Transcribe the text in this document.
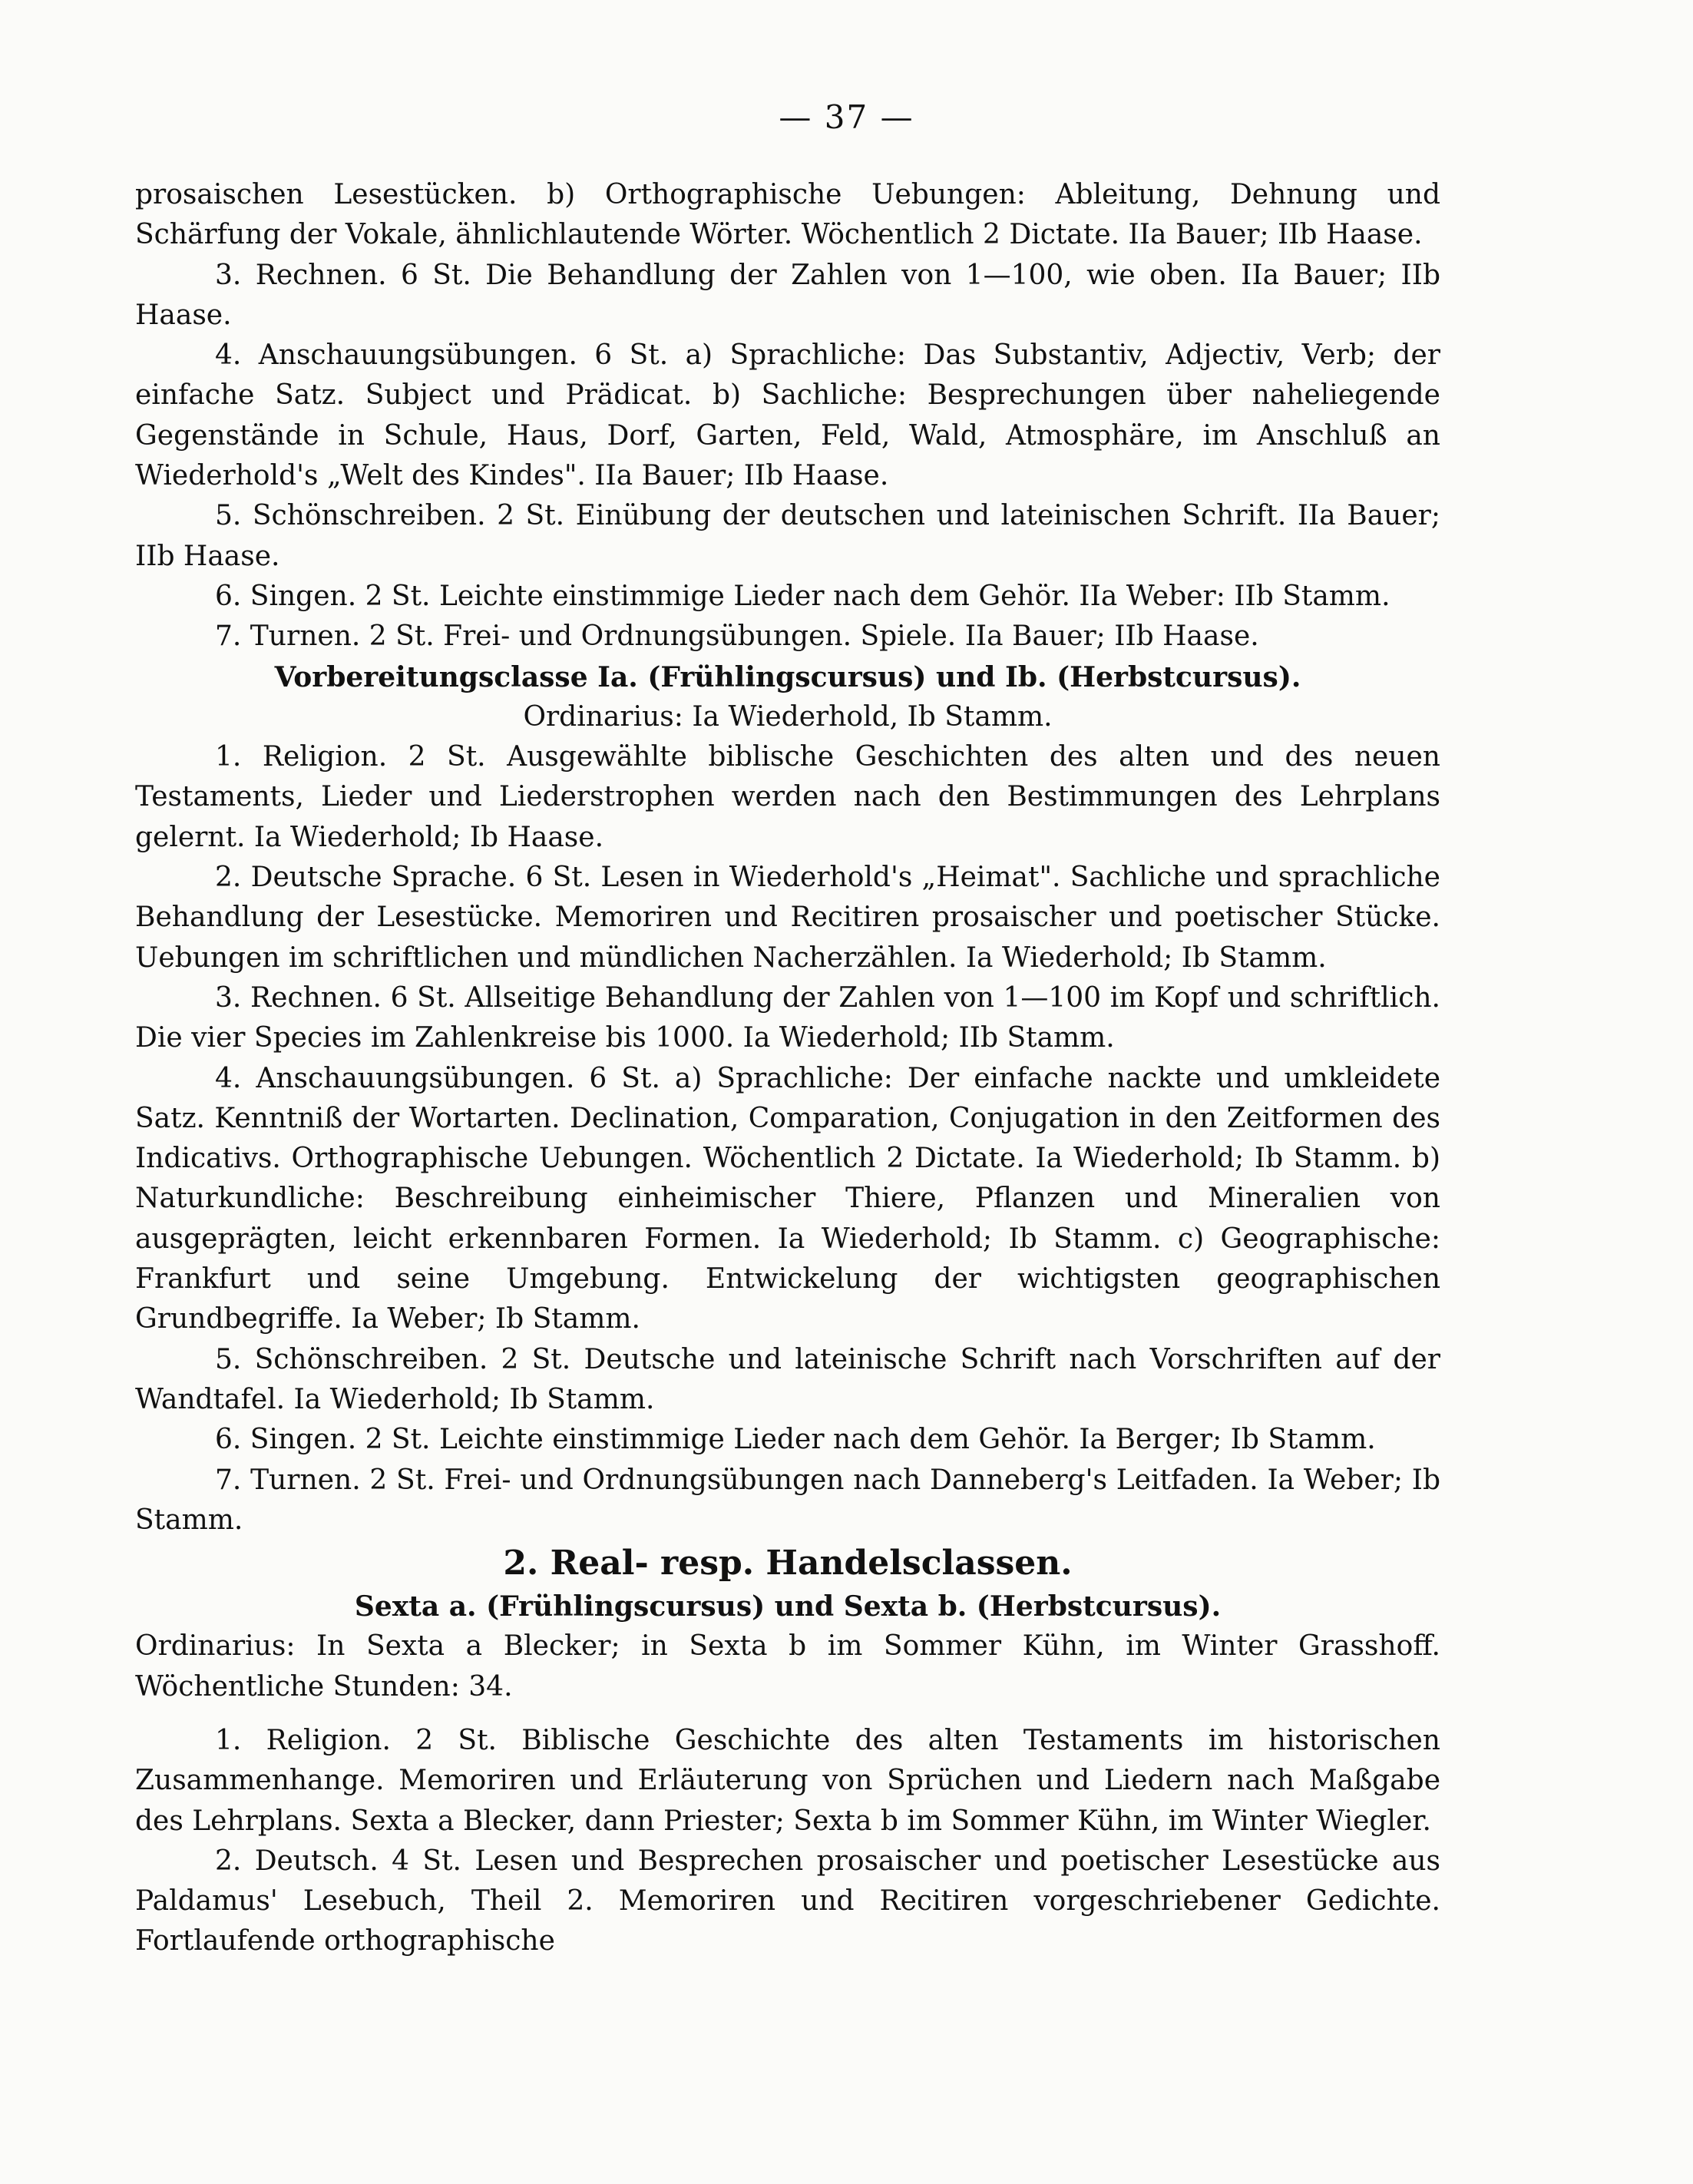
— 37 —

prosaischen Lesestücken. b) Orthographische Uebungen: Ableitung, Dehnung und Schärfung der Vokale, ähnlichlautende Wörter. Wöchentlich 2 Dictate. IIa Bauer; IIb Haase.

3. Rechnen. 6 St. Die Behandlung der Zahlen von 1—100, wie oben. IIa Bauer; IIb Haase.

4. Anschauungsübungen. 6 St. a) Sprachliche: Das Substantiv, Adjectiv, Verb; der einfache Satz. Subject und Prädicat. b) Sachliche: Besprechungen über naheliegende Gegenstände in Schule, Haus, Dorf, Garten, Feld, Wald, Atmosphäre, im Anschluß an Wiederhold's „Welt des Kindes". IIa Bauer; IIb Haase.

5. Schönschreiben. 2 St. Einübung der deutschen und lateinischen Schrift. IIa Bauer; IIb Haase.

6. Singen. 2 St. Leichte einstimmige Lieder nach dem Gehör. IIa Weber: IIb Stamm.

7. Turnen. 2 St. Frei- und Ordnungsübungen. Spiele. IIa Bauer; IIb Haase.

Vorbereitungsclasse Ia. (Frühlingscursus) und Ib. (Herbstcursus).

Ordinarius: Ia Wiederhold, Ib Stamm.

1. Religion. 2 St. Ausgewählte biblische Geschichten des alten und des neuen Testaments, Lieder und Liederstrophen werden nach den Bestimmungen des Lehrplans gelernt. Ia Wiederhold; Ib Haase.

2. Deutsche Sprache. 6 St. Lesen in Wiederhold's „Heimat". Sachliche und sprachliche Behandlung der Lesestücke. Memoriren und Recitiren prosaischer und poetischer Stücke. Uebungen im schriftlichen und mündlichen Nacherzählen. Ia Wiederhold; Ib Stamm.

3. Rechnen. 6 St. Allseitige Behandlung der Zahlen von 1—100 im Kopf und schriftlich. Die vier Species im Zahlenkreise bis 1000. Ia Wiederhold; IIb Stamm.

4. Anschauungsübungen. 6 St. a) Sprachliche: Der einfache nackte und umkleidete Satz. Kenntniß der Wortarten. Declination, Comparation, Conjugation in den Zeitformen des Indicativs. Orthographische Uebungen. Wöchentlich 2 Dictate. Ia Wiederhold; Ib Stamm. b) Naturkundliche: Beschreibung einheimischer Thiere, Pflanzen und Mineralien von ausgeprägten, leicht erkennbaren Formen. Ia Wiederhold; Ib Stamm. c) Geographische: Frankfurt und seine Umgebung. Entwickelung der wichtigsten geographischen Grundbegriffe. Ia Weber; Ib Stamm.

5. Schönschreiben. 2 St. Deutsche und lateinische Schrift nach Vorschriften auf der Wandtafel. Ia Wiederhold; Ib Stamm.

6. Singen. 2 St. Leichte einstimmige Lieder nach dem Gehör. Ia Berger; Ib Stamm.

7. Turnen. 2 St. Frei- und Ordnungsübungen nach Danneberg's Leitfaden. Ia Weber; Ib Stamm.

2. Real- resp. Handelsclassen.

Sexta a. (Frühlingscursus) und Sexta b. (Herbstcursus).

Ordinarius: In Sexta a Blecker; in Sexta b im Sommer Kühn, im Winter Grasshoff. Wöchentliche Stunden: 34.

1. Religion. 2 St. Biblische Geschichte des alten Testaments im historischen Zusammenhange. Memoriren und Erläuterung von Sprüchen und Liedern nach Maßgabe des Lehrplans. Sexta a Blecker, dann Priester; Sexta b im Sommer Kühn, im Winter Wiegler.

2. Deutsch. 4 St. Lesen und Besprechen prosaischer und poetischer Lesestücke aus Paldamus' Lesebuch, Theil 2. Memoriren und Recitiren vorgeschriebener Gedichte. Fortlaufende orthographische
